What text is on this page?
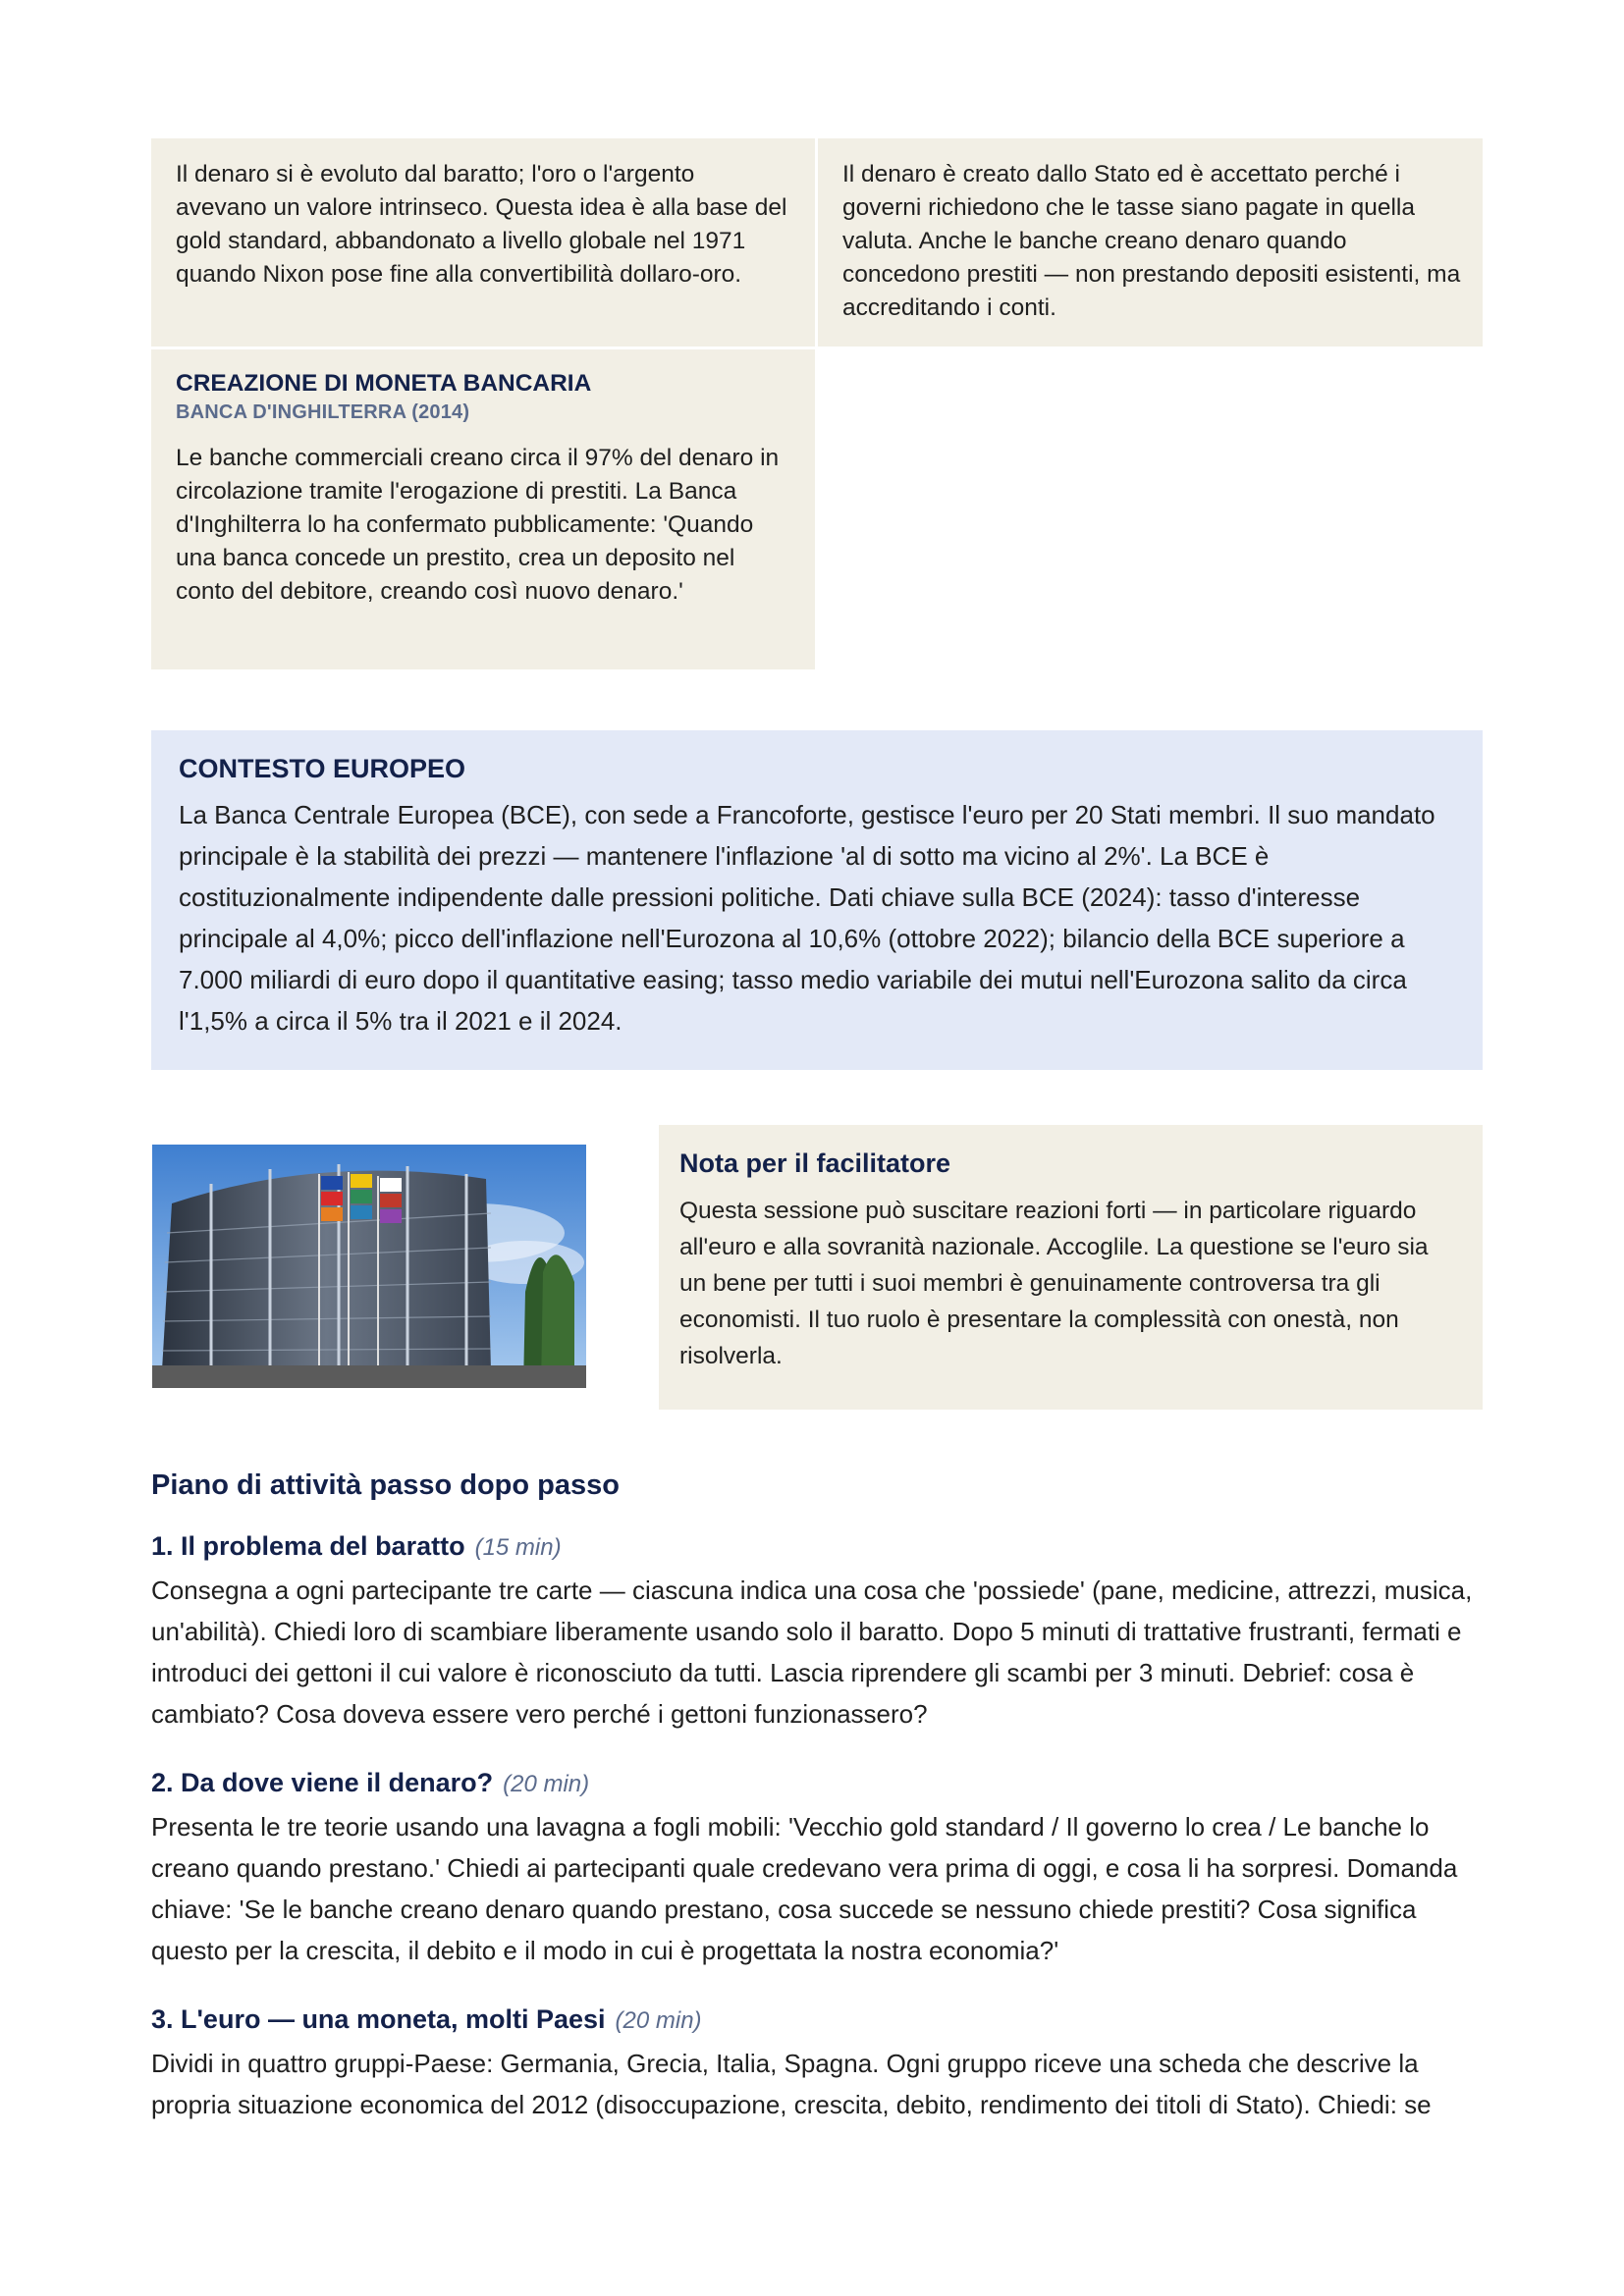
Il denaro si è evoluto dal baratto; l'oro o l'argento avevano un valore intrinseco. Questa idea è alla base del gold standard, abbandonato a livello globale nel 1971 quando Nixon pose fine alla convertibilità dollaro-oro.

Il denaro è creato dallo Stato ed è accettato perché i governi richiedono che le tasse siano pagate in quella valuta. Anche le banche creano denaro quando concedono prestiti — non prestando depositi esistenti, ma accreditando i conti.

CREAZIONE DI MONETA BANCARIA

BANCA D'INGHILTERRA (2014)

Le banche commerciali creano circa il 97% del denaro in circolazione tramite l'erogazione di prestiti. La Banca d'Inghilterra lo ha confermato pubblicamente: 'Quando una banca concede un prestito, crea un deposito nel conto del debitore, creando così nuovo denaro.'

CONTESTO EUROPEO

La Banca Centrale Europea (BCE), con sede a Francoforte, gestisce l'euro per 20 Stati membri. Il suo mandato principale è la stabilità dei prezzi — mantenere l'inflazione 'al di sotto ma vicino al 2%'. La BCE è costituzionalmente indipendente dalle pressioni politiche. Dati chiave sulla BCE (2024): tasso d'interesse principale al 4,0%; picco dell'inflazione nell'Eurozona al 10,6% (ottobre 2022); bilancio della BCE superiore a 7.000 miliardi di euro dopo il quantitative easing; tasso medio variabile dei mutui nell'Eurozona salito da circa l'1,5% a circa il 5% tra il 2021 e il 2024.

Nota per il facilitatore

Questa sessione può suscitare reazioni forti — in particolare riguardo all'euro e alla sovranità nazionale. Accoglile. La questione se l'euro sia un bene per tutti i suoi membri è genuinamente controversa tra gli economisti. Il tuo ruolo è presentare la complessità con onestà, non risolverla.

Piano di attività passo dopo passo

1. Il problema del baratto (15 min)

Consegna a ogni partecipante tre carte — ciascuna indica una cosa che 'possiede' (pane, medicine, attrezzi, musica, un'abilità). Chiedi loro di scambiare liberamente usando solo il baratto. Dopo 5 minuti di trattative frustranti, fermati e introduci dei gettoni il cui valore è riconosciuto da tutti. Lascia riprendere gli scambi per 3 minuti. Debrief: cosa è cambiato? Cosa doveva essere vero perché i gettoni funzionassero?

2. Da dove viene il denaro? (20 min)

Presenta le tre teorie usando una lavagna a fogli mobili: 'Vecchio gold standard / Il governo lo crea / Le banche lo creano quando prestano.' Chiedi ai partecipanti quale credevano vera prima di oggi, e cosa li ha sorpresi. Domanda chiave: 'Se le banche creano denaro quando prestano, cosa succede se nessuno chiede prestiti? Cosa significa questo per la crescita, il debito e il modo in cui è progettata la nostra economia?'

3. L'euro — una moneta, molti Paesi (20 min)

Dividi in quattro gruppi-Paese: Germania, Grecia, Italia, Spagna. Ogni gruppo riceve una scheda che descrive la propria situazione economica del 2012 (disoccupazione, crescita, debito, rendimento dei titoli di Stato). Chiedi: se
